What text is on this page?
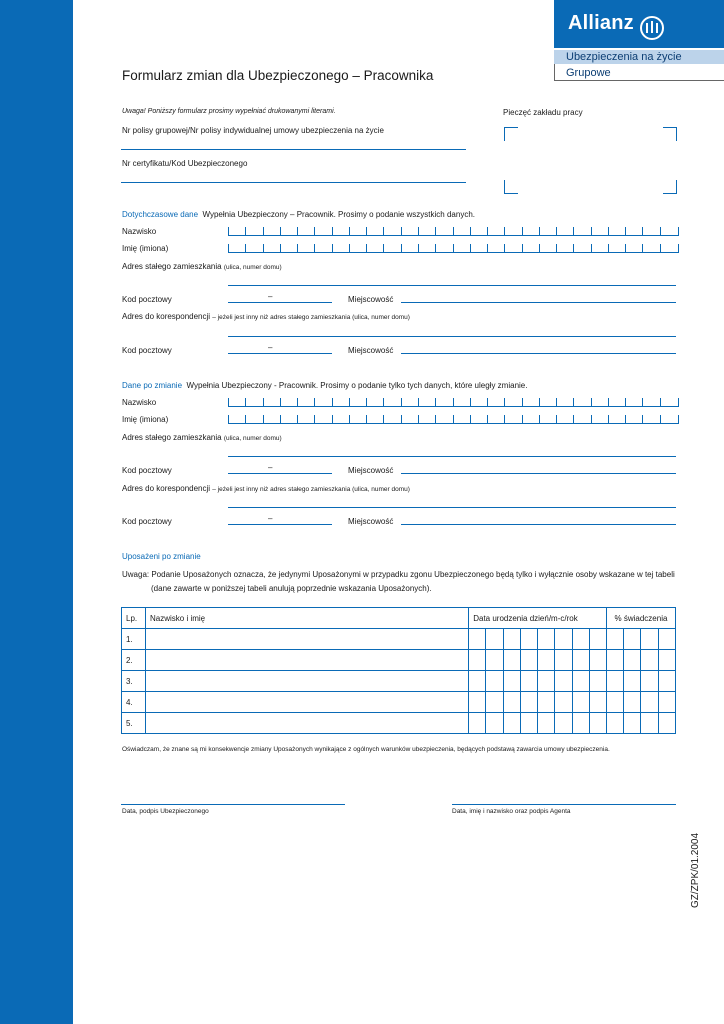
Allianz
Ubezpieczenia na życie
Grupowe
Formularz zmian dla Ubezpieczonego – Pracownika
Uwaga! Poniższy formularz prosimy wypełniać drukowanymi literami.	Pieczęć zakładu pracy
Nr polisy grupowej/Nr polisy indywidualnej umowy ubezpieczenia na życie
Nr certyfikatu/Kod Ubezpieczonego
Dotychczasowe dane Wypełnia Ubezpieczony – Pracownik. Prosimy o podanie wszystkich danych.
Nazwisko
Imię (imiona)
Adres stałego zamieszkania (ulica, numer domu)
Kod pocztowy	–	Miejscowość
Adres do korespondencji – jeżeli jest inny niż adres stałego zamieszkania (ulica, numer domu)
Kod pocztowy	–	Miejscowość
Dane po zmianie Wypełnia Ubezpieczony - Pracownik. Prosimy o podanie tylko tych danych, które uległy zmianie.
Nazwisko
Imię (imiona)
Adres stałego zamieszkania (ulica, numer domu)
Kod pocztowy	–	Miejscowość
Adres do korespondencji – jeżeli jest inny niż adres stałego zamieszkania (ulica, numer domu)
Kod pocztowy	–	Miejscowość
Uposażeni po zmianie
Uwaga: Podanie Uposażonych oznacza, że jedynymi Uposażonymi w przypadku zgonu Ubezpieczonego będą tylko i wyłącznie osoby wskazane w tej tabeli
(dane zawarte w poniższej tabeli anulują poprzednie wskazania Uposażonych).
Lp.	Nazwisko i imię	Data urodzenia dzień/m-c/rok								% świadczenia			
1.													
2.													
3.													
4.													
5.													
Oświadczam, że znane są mi konsekwencje zmiany Uposażonych wynikające z ogólnych warunków ubezpieczenia, będących podstawą zawarcia umowy ubezpieczenia.
Data, podpis Ubezpieczonego	Data, imię i nazwisko oraz podpis Agenta
GZ/ZPK/01.2004
